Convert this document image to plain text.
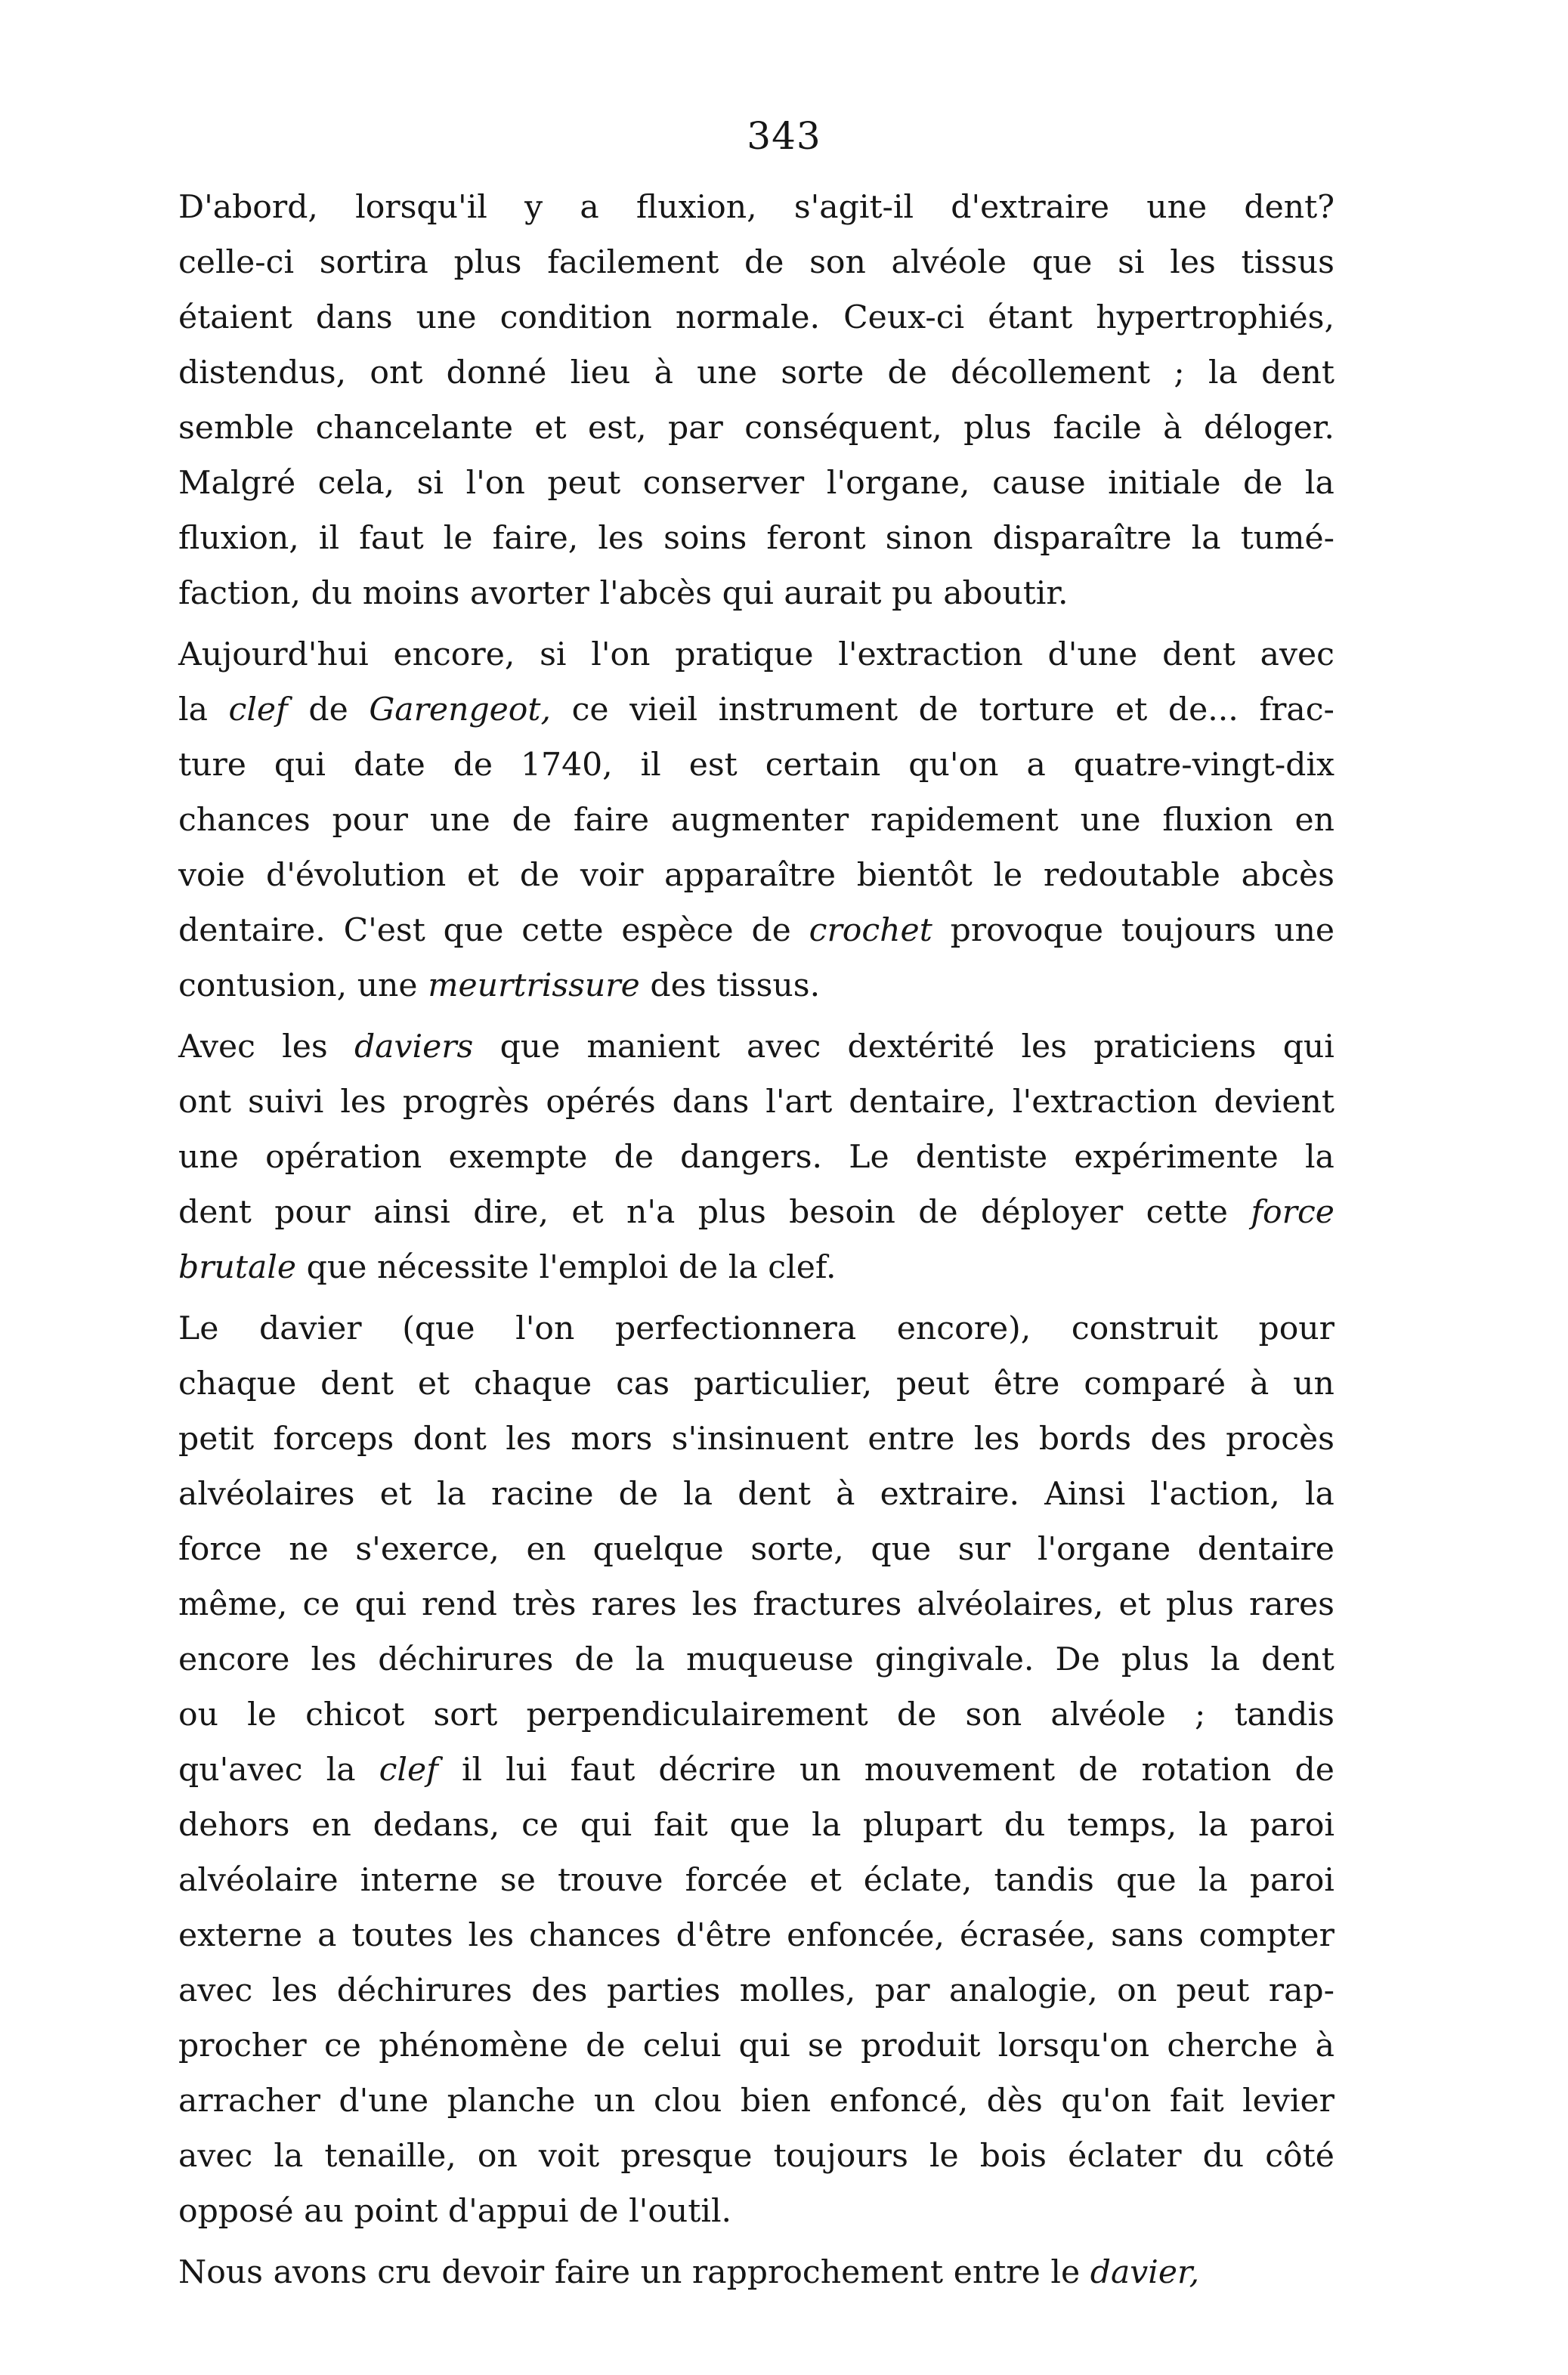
343
D'abord, lorsqu'il y a fluxion, s'agit-il d'extraire une dent?
celle-ci sortira plus facilement de son alvéole que si les tissus
étaient dans une condition normale. Ceux-ci étant hypertrophiés,
distendus, ont donné lieu à une sorte de décollement ; la dent
semble chancelante et est, par conséquent, plus facile à déloger.
Malgré cela, si l'on peut conserver l'organe, cause initiale de la
fluxion, il faut le faire, les soins feront sinon disparaître la tumé-
faction, du moins avorter l'abcès qui aurait pu aboutir.
Aujourd'hui encore, si l'on pratique l'extraction d'une dent avec
la clef de Garengeot, ce vieil instrument de torture et de... frac-
ture qui date de 1740, il est certain qu'on a quatre-vingt-dix
chances pour une de faire augmenter rapidement une fluxion en
voie d'évolution et de voir apparaître bientôt le redoutable abcès
dentaire. C'est que cette espèce de crochet provoque toujours une
contusion, une meurtrissure des tissus.
Avec les daviers que manient avec dextérité les praticiens qui
ont suivi les progrès opérés dans l'art dentaire, l'extraction devient
une opération exempte de dangers. Le dentiste expérimente la
dent pour ainsi dire, et n'a plus besoin de déployer cette force
brutale que nécessite l'emploi de la clef.
Le davier (que l'on perfectionnera encore), construit pour
chaque dent et chaque cas particulier, peut être comparé à un
petit forceps dont les mors s'insinuent entre les bords des procès
alvéolaires et la racine de la dent à extraire. Ainsi l'action, la
force ne s'exerce, en quelque sorte, que sur l'organe dentaire
même, ce qui rend très rares les fractures alvéolaires, et plus rares
encore les déchirures de la muqueuse gingivale. De plus la dent
ou le chicot sort perpendiculairement de son alvéole ; tandis
qu'avec la clef il lui faut décrire un mouvement de rotation de
dehors en dedans, ce qui fait que la plupart du temps, la paroi
alvéolaire interne se trouve forcée et éclate, tandis que la paroi
externe a toutes les chances d'être enfoncée, écrasée, sans compter
avec les déchirures des parties molles, par analogie, on peut rap-
procher ce phénomène de celui qui se produit lorsqu'on cherche à
arracher d'une planche un clou bien enfoncé, dès qu'on fait levier
avec la tenaille, on voit presque toujours le bois éclater du côté
opposé au point d'appui de l'outil.
Nous avons cru devoir faire un rapprochement entre le davier,
